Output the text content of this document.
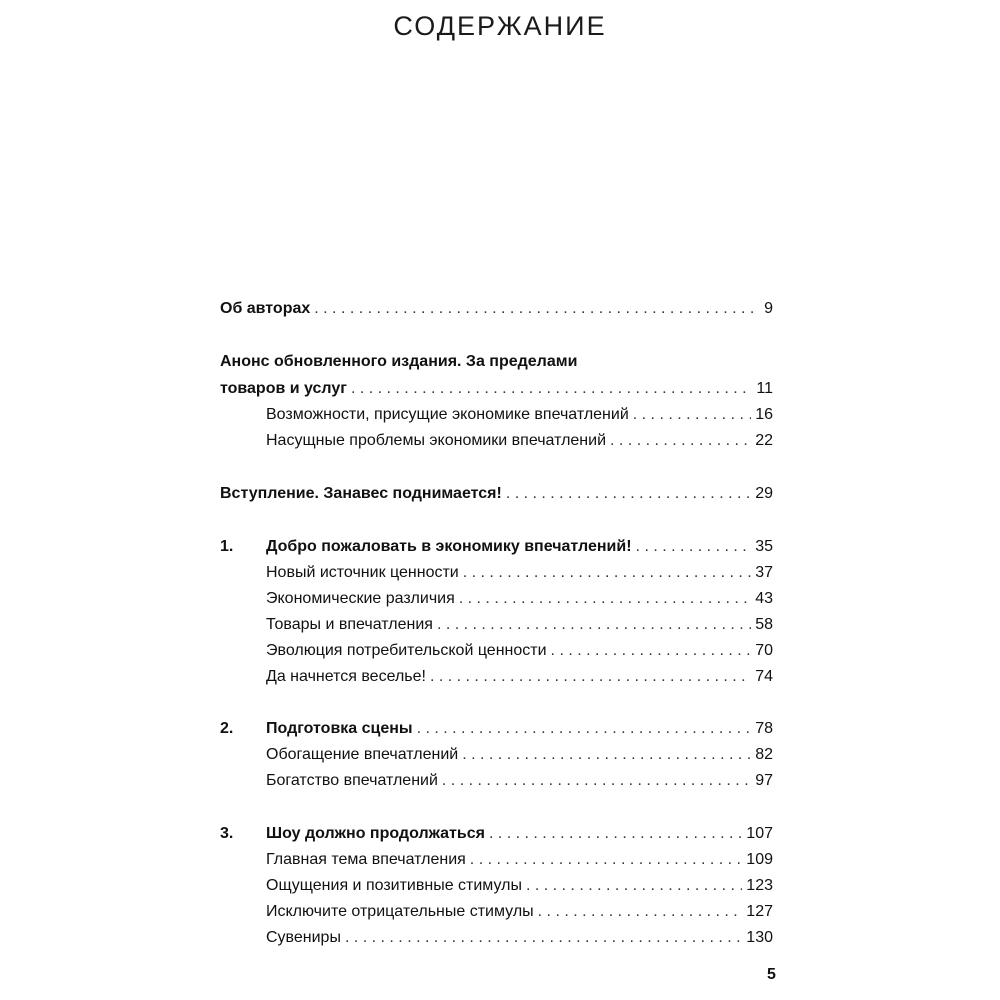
СОДЕРЖАНИЕ
Об авторах . . .	9
Анонс обновленного издания. За пределами
товаров и услуг . . .	11
Возможности, присущие экономике впечатлений . . .	16
Насущные проблемы экономики впечатлений . . .	22
Вступление. Занавес поднимается! . . .	29
1.	Добро пожаловать в экономику впечатлений! . . .	35
Новый источник ценности . . .	37
Экономические различия . . .	43
Товары и впечатления . . .	58
Эволюция потребительской ценности . . .	70
Да начнется веселье! . . .	74
2.	Подготовка сцены . . .	78
Обогащение впечатлений . . .	82
Богатство впечатлений . . .	97
3.	Шоу должно продолжаться . . .	107
Главная тема впечатления . . .	109
Ощущения и позитивные стимулы . . .	123
Исключите отрицательные стимулы . . .	127
Сувениры . . .	130
5
